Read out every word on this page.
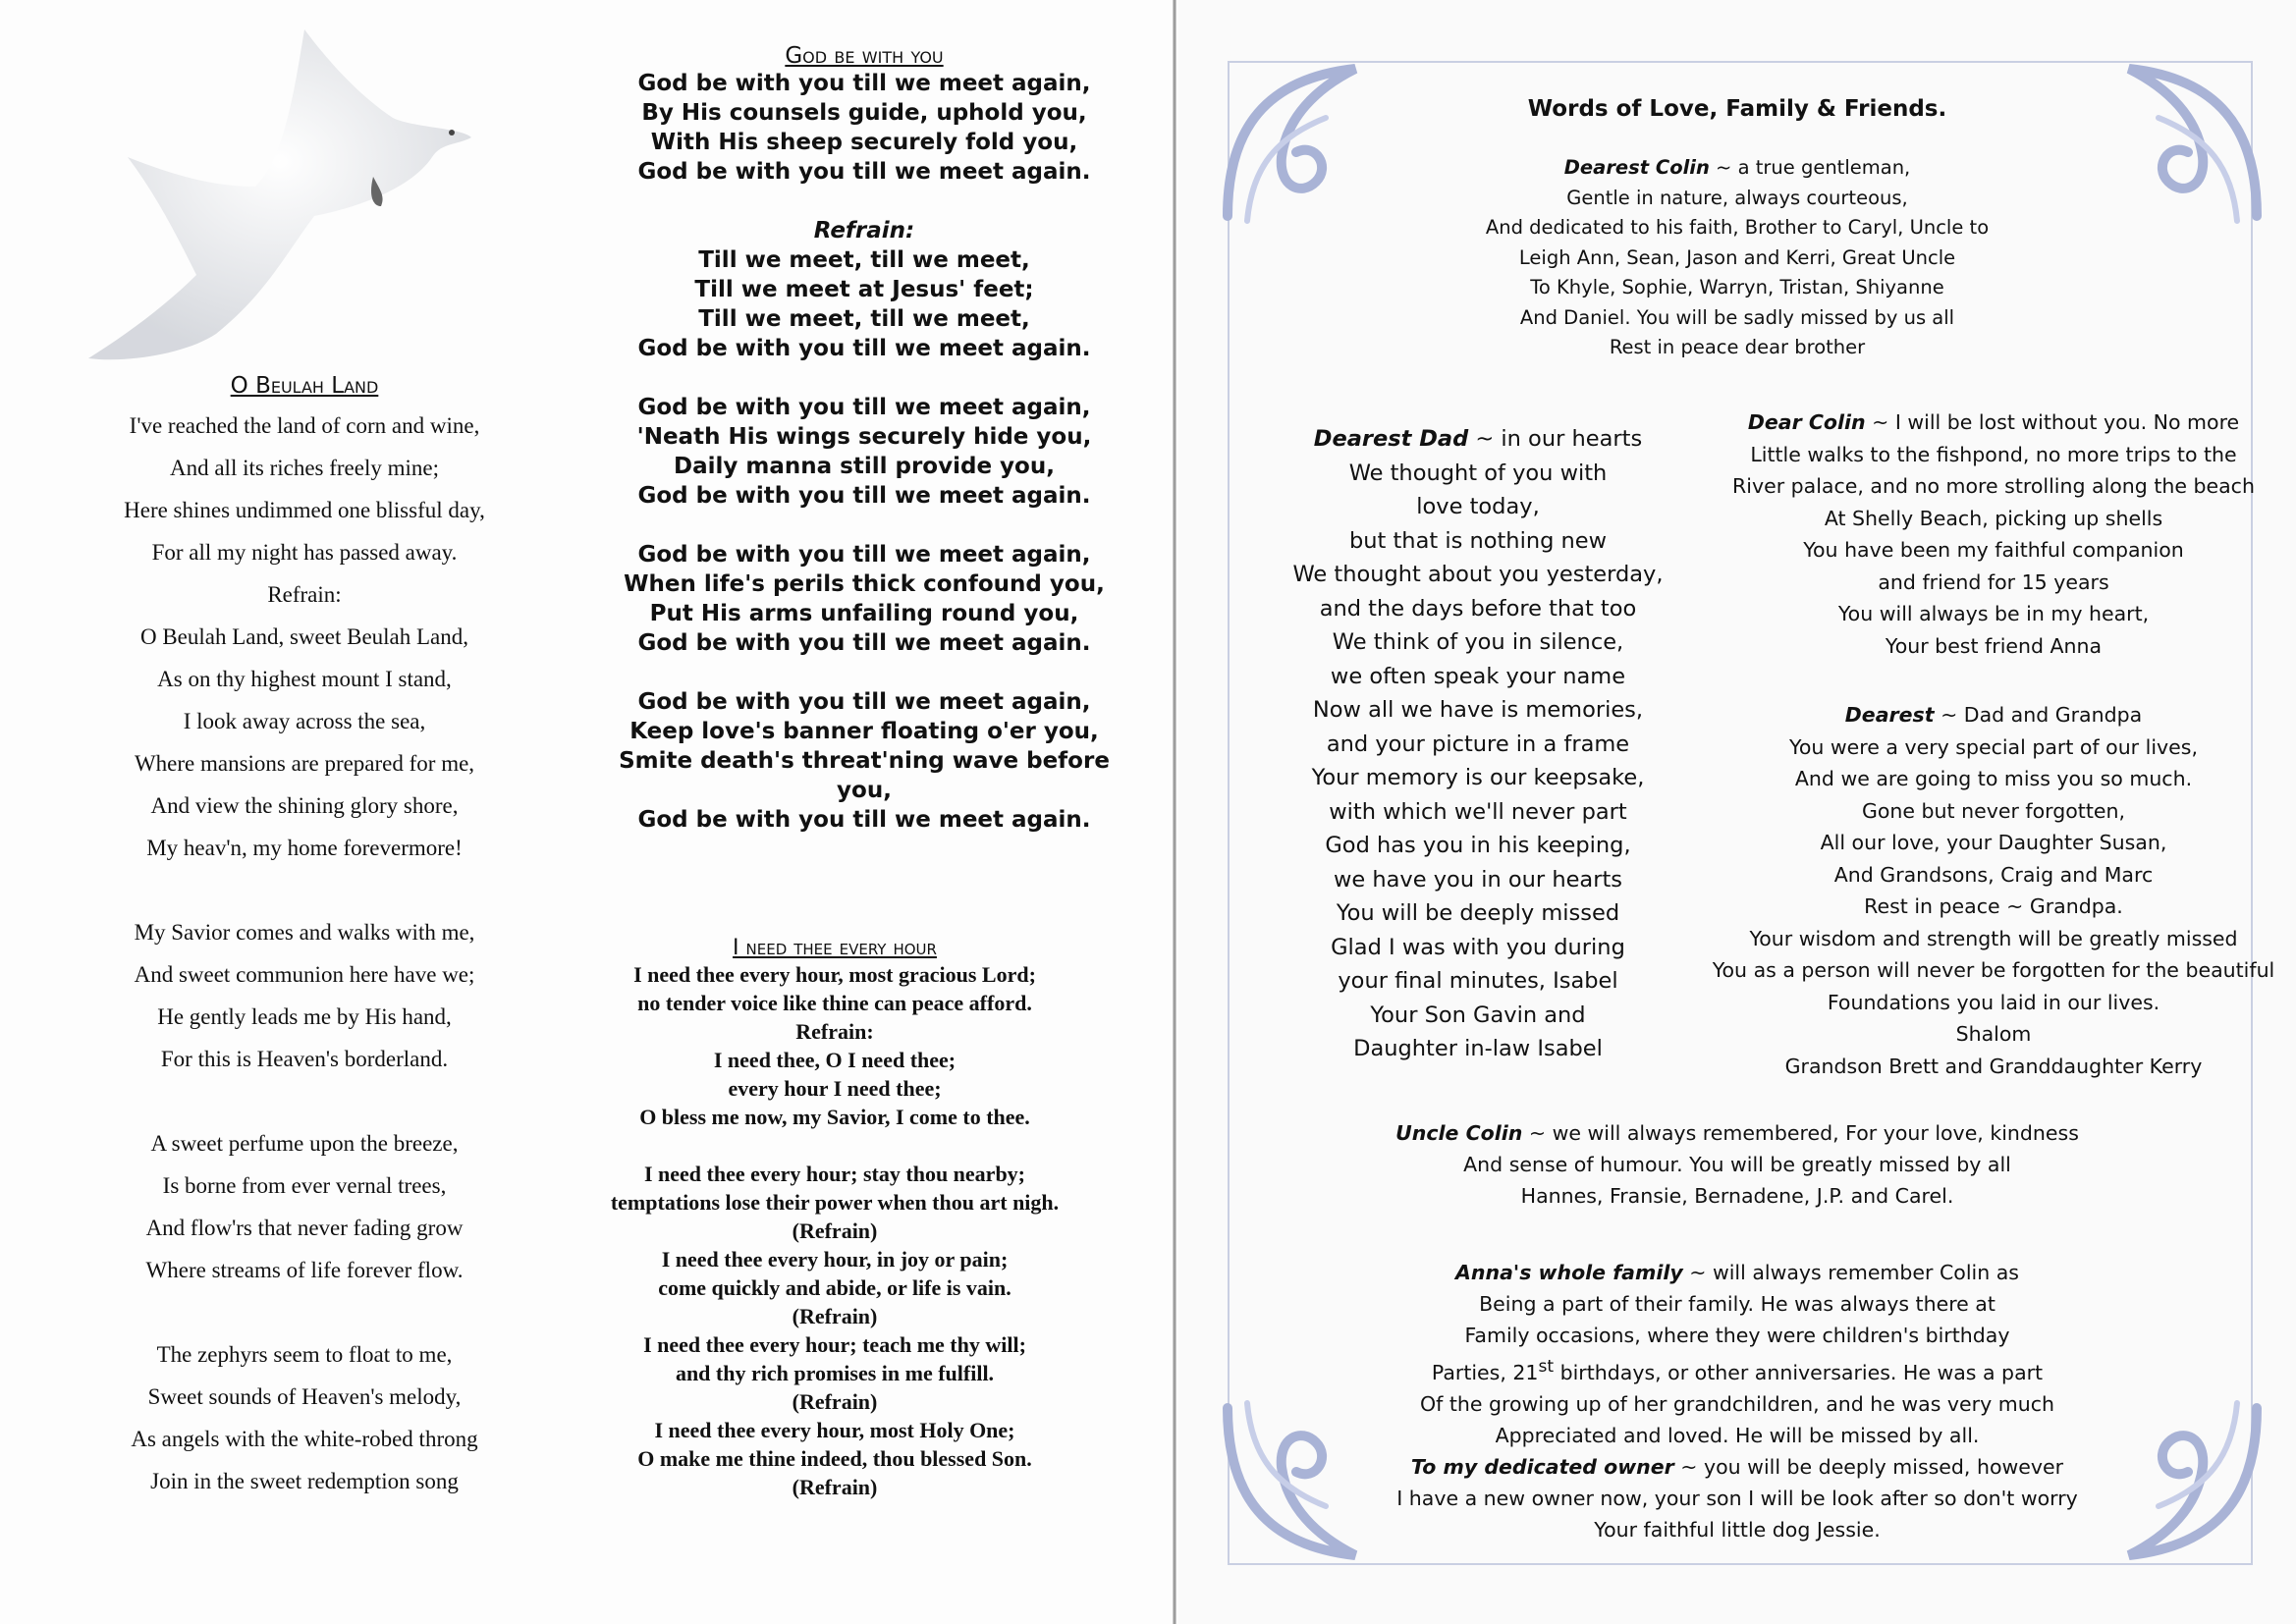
O Beulah Land
I've reached the land of corn and wine,
And all its riches freely mine;
Here shines undimmed one blissful day,
For all my night has passed away.
Refrain:
O Beulah Land, sweet Beulah Land,
As on thy highest mount I stand,
I look away across the sea,
Where mansions are prepared for me,
And view the shining glory shore,
My heav'n, my home forevermore!
My Savior comes and walks with me,
And sweet communion here have we;
He gently leads me by His hand,
For this is Heaven's borderland.
A sweet perfume upon the breeze,
Is borne from ever vernal trees,
And flow'rs that never fading grow
Where streams of life forever flow.
The zephyrs seem to float to me,
Sweet sounds of Heaven's melody,
As angels with the white-robed throng
Join in the sweet redemption song
God be with you
God be with you till we meet again,
By His counsels guide, uphold you,
With His sheep securely fold you,
God be with you till we meet again.
Refrain:
Till we meet, till we meet,
Till we meet at Jesus' feet;
Till we meet, till we meet,
God be with you till we meet again.
God be with you till we meet again,
'Neath His wings securely hide you,
Daily manna still provide you,
God be with you till we meet again.
God be with you till we meet again,
When life's perils thick confound you,
Put His arms unfailing round you,
God be with you till we meet again.
God be with you till we meet again,
Keep love's banner floating o'er you,
Smite death's threat'ning wave before
you,
God be with you till we meet again.
I need thee every hour
I need thee every hour, most gracious Lord;
no tender voice like thine can peace afford.
Refrain:
I need thee, O I need thee;
every hour I need thee;
O bless me now, my Savior, I come to thee.
I need thee every hour; stay thou nearby;
temptations lose their power when thou art nigh.
(Refrain)
I need thee every hour, in joy or pain;
come quickly and abide, or life is vain.
(Refrain)
I need thee every hour; teach me thy will;
and thy rich promises in me fulfill.
(Refrain)
I need thee every hour, most Holy One;
O make me thine indeed, thou blessed Son.
(Refrain)
Words of Love, Family & Friends.
Dearest Colin ~ a true gentleman,
Gentle in nature, always courteous,
And dedicated to his faith, Brother to Caryl, Uncle to
Leigh Ann, Sean, Jason and Kerri, Great Uncle
To Khyle, Sophie, Warryn, Tristan, Shiyanne
And Daniel. You will be sadly missed by us all
Rest in peace dear brother
Dearest Dad ~ in our hearts
We thought of you with
love today,
but that is nothing new
We thought about you yesterday,
and the days before that too
We think of you in silence,
we often speak your name
Now all we have is memories,
and your picture in a frame
Your memory is our keepsake,
with which we'll never part
God has you in his keeping,
we have you in our hearts
You will be deeply missed
Glad I was with you during
your final minutes, Isabel
Your Son Gavin and
Daughter in-law Isabel
Dear Colin ~ I will be lost without you. No more
Little walks to the fishpond, no more trips to the
River palace, and no more strolling along the beach
At Shelly Beach, picking up shells
You have been my faithful companion
and friend for 15 years
You will always be in my heart,
Your best friend Anna
Dearest ~ Dad and Grandpa
You were a very special part of our lives,
And we are going to miss you so much.
Gone but never forgotten,
All our love, your Daughter Susan,
And Grandsons, Craig and Marc
Rest in peace ~ Grandpa.
Your wisdom and strength will be greatly missed
You as a person will never be forgotten for the beautiful
Foundations you laid in our lives.
Shalom
Grandson Brett and Granddaughter Kerry
Uncle Colin ~ we will always remembered, For your love, kindness
And sense of humour. You will be greatly missed by all
Hannes, Fransie, Bernadene, J.P. and Carel.
Anna's whole family ~ will always remember Colin as
Being a part of their family. He was always there at
Family occasions, where they were children's birthday
Parties, 21st birthdays, or other anniversaries. He was a part
Of the growing up of her grandchildren, and he was very much
Appreciated and loved. He will be missed by all.
To my dedicated owner ~ you will be deeply missed, however
I have a new owner now, your son I will be look after so don't worry
Your faithful little dog Jessie.
